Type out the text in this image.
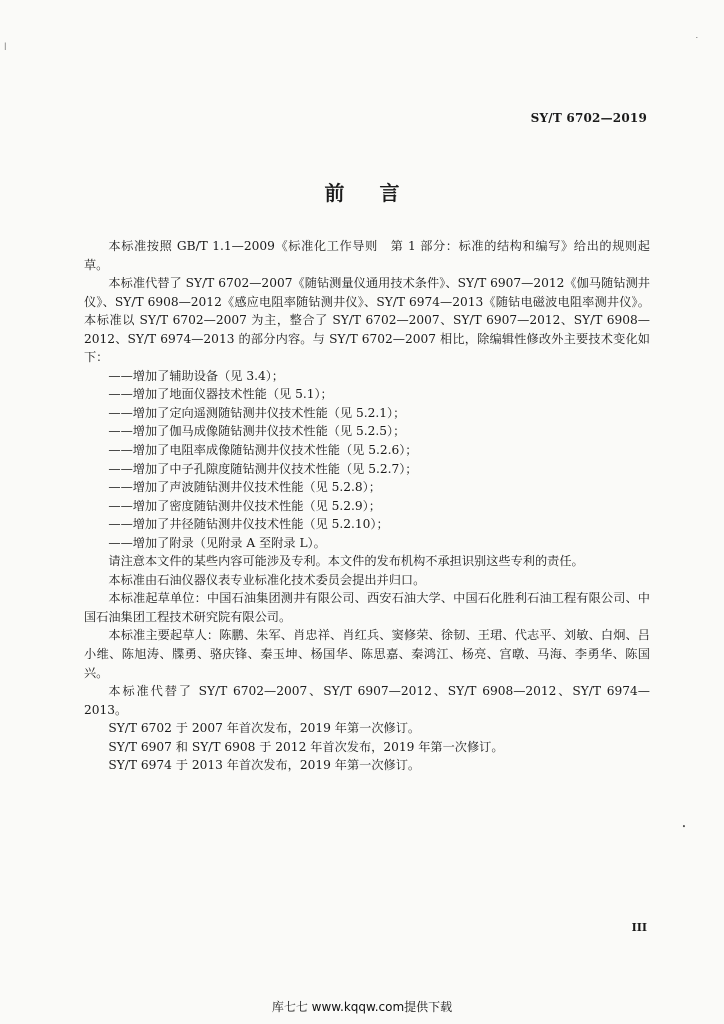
|
·
•
SY/T 6702—2019
前 言

本标准按照 GB/T 1.1—2009《标准化工作导则　第 1 部分：标准的结构和编写》给出的规则起草。

本标准代替了 SY/T 6702—2007《随钻测量仪通用技术条件》、SY/T 6907—2012《伽马随钻测井仪》、SY/T 6908—2012《感应电阻率随钻测井仪》、SY/T 6974—2013《随钻电磁波电阻率测井仪》。本标准以 SY/T 6702—2007 为主，整合了 SY/T 6702—2007、SY/T 6907—2012、SY/T 6908—2012、SY/T 6974—2013 的部分内容。与 SY/T 6702—2007 相比，除编辑性修改外主要技术变化如下：

——增加了辅助设备（见 3.4）；

——增加了地面仪器技术性能（见 5.1）；

——增加了定向遥测随钻测井仪技术性能（见 5.2.1）；

——增加了伽马成像随钻测井仪技术性能（见 5.2.5）；

——增加了电阻率成像随钻测井仪技术性能（见 5.2.6）；

——增加了中子孔隙度随钻测井仪技术性能（见 5.2.7）；

——增加了声波随钻测井仪技术性能（见 5.2.8）；

——增加了密度随钻测井仪技术性能（见 5.2.9）；

——增加了井径随钻测井仪技术性能（见 5.2.10）；

——增加了附录（见附录 A 至附录 L）。

请注意本文件的某些内容可能涉及专利。本文件的发布机构不承担识别这些专利的责任。

本标准由石油仪器仪表专业标准化技术委员会提出并归口。

本标准起草单位：中国石油集团测井有限公司、西安石油大学、中国石化胜利石油工程有限公司、中国石油集团工程技术研究院有限公司。

本标准主要起草人：陈鹏、朱军、肖忠祥、肖红兵、窦修荣、徐韧、王珺、代志平、刘敏、白炯、吕小维、陈旭涛、牒勇、骆庆锋、秦玉坤、杨国华、陈思嘉、秦鸿江、杨亮、宫暾、马海、李勇华、陈国兴。

本标准代替了 SY/T 6702—2007、SY/T 6907—2012、SY/T 6908—2012、SY/T 6974—2013。

SY/T 6702 于 2007 年首次发布，2019 年第一次修订。

SY/T 6907 和 SY/T 6908 于 2012 年首次发布，2019 年第一次修订。

SY/T 6974 于 2013 年首次发布，2019 年第一次修订。

III
库七七 www.kqqw.com提供下载
